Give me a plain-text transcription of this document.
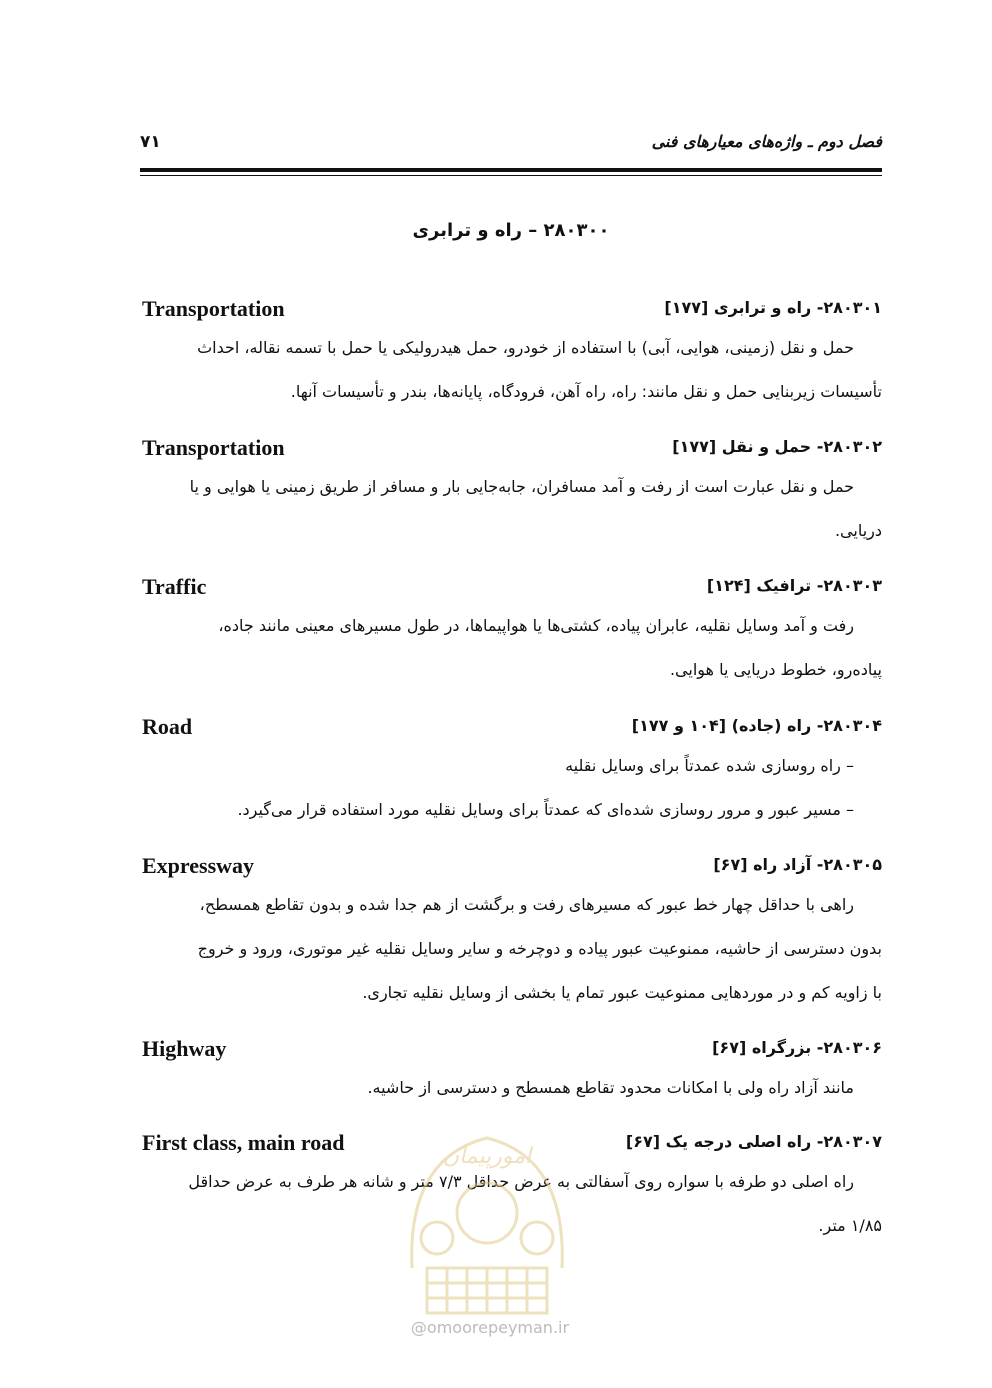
فصل دوم ـ واژه‌های معیارهای فنی
۷۱
۲۸۰۳۰۰ – راه و ترابری
۲۸۰۳۰۱- راه و ترابری [۱۷۷]
Transportation

حمل و نقل (زمینی، هوایی، آبی) با استفاده از خودرو، حمل هیدرولیکی یا حمل با تسمه نقاله، احداث

تأسیسات زیربنایی حمل و نقل مانند: راه، راه آهن، فرودگاه، پایانه‌ها، بندر و تأسیسات آنها.

۲۸۰۳۰۲- حمل و نقل [۱۷۷]
Transportation

حمل و نقل عبارت است از رفت و آمد مسافران، جابه‌جایی بار و مسافر از طریق زمینی یا هوایی و یا

دریایی.

۲۸۰۳۰۳- ترافیک [۱۲۴]
Traffic

رفت و آمد وسایل نقلیه، عابران پیاده، کشتی‌ها یا هواپیماها، در طول مسیرهای معینی مانند جاده،

پیاده‌رو، خطوط دریایی یا هوایی.

۲۸۰۳۰۴- راه (جاده) [۱۰۴ و ۱۷۷]
Road

– راه روسازی شده عمدتاً برای وسایل نقلیه

– مسیر عبور و مرور روسازی شده‌ای که عمدتاً برای وسایل نقلیه مورد استفاده قرار می‌گیرد.

۲۸۰۳۰۵- آزاد راه [۶۷]
Expressway

راهی با حداقل چهار خط عبور که مسیرهای رفت و برگشت از هم جدا شده و بدون تقاطع همسطح،

بدون دسترسی از حاشیه، ممنوعیت عبور پیاده و دوچرخه و سایر وسایل نقلیه غیر موتوری، ورود و خروج

با زاویه کم و در موردهایی ممنوعیت عبور تمام یا بخشی از وسایل نقلیه تجاری.

۲۸۰۳۰۶- بزرگراه [۶۷]
Highway

مانند آزاد راه ولی با امکانات محدود تقاطع همسطح و دسترسی از حاشیه.

۲۸۰۳۰۷- راه اصلی درجه یک [۶۷]
First class, main road

راه اصلی دو طرفه با سواره روی آسفالتی به عرض حداقل ۷/۳ متر و شانه هر طرف به عرض حداقل

۱/۸۵ متر.

امورپیمان
@omoorepeyman.ir
